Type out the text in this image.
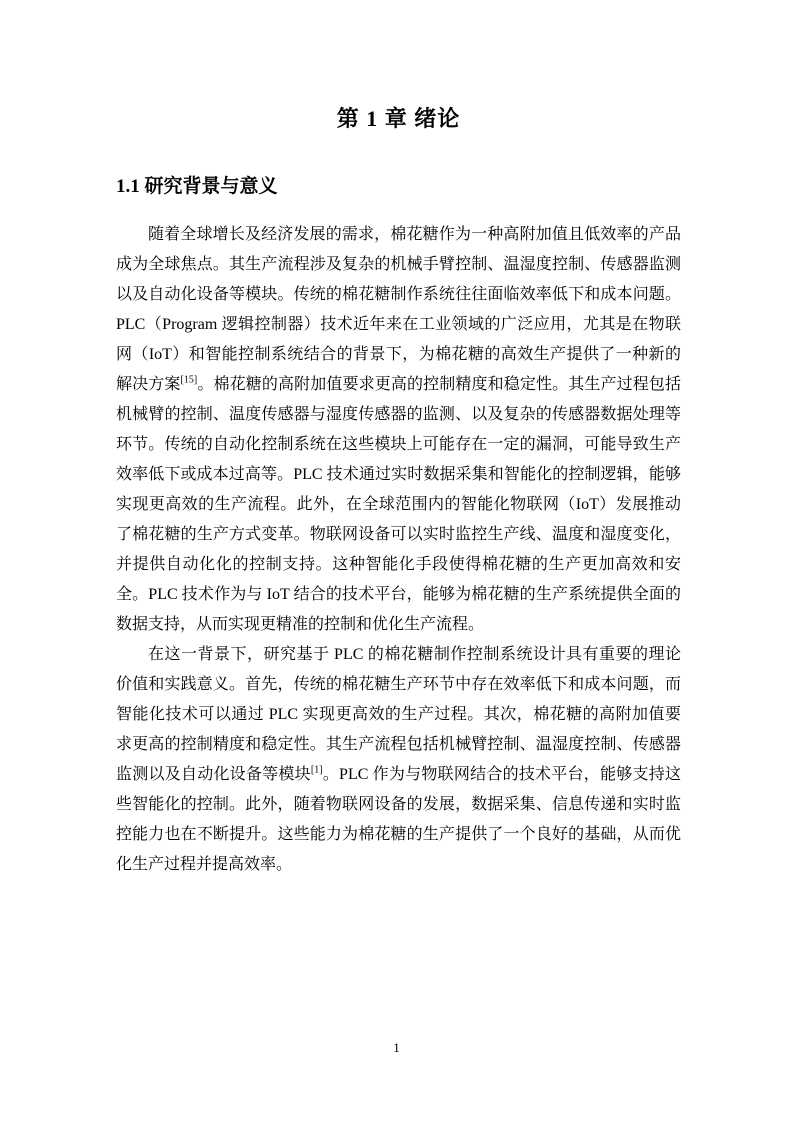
第 1 章 绪论
1.1 研究背景与意义

随着全球增长及经济发展的需求，棉花糖作为一种高附加值且低效率的产品成为全球焦点。其生产流程涉及复杂的机械手臂控制、温湿度控制、传感器监测以及自动化设备等模块。传统的棉花糖制作系统往往面临效率低下和成本问题。PLC（Program 逻辑控制器）技术近年来在工业领域的广泛应用，尤其是在物联网（IoT）和智能控制系统结合的背景下，为棉花糖的高效生产提供了一种新的解决方案[15]。棉花糖的高附加值要求更高的控制精度和稳定性。其生产过程包括机械臂的控制、温度传感器与湿度传感器的监测、以及复杂的传感器数据处理等环节。传统的自动化控制系统在这些模块上可能存在一定的漏洞，可能导致生产效率低下或成本过高等。PLC 技术通过实时数据采集和智能化的控制逻辑，能够实现更高效的生产流程。此外，在全球范围内的智能化物联网（IoT）发展推动了棉花糖的生产方式变革。物联网设备可以实时监控生产线、温度和湿度变化，并提供自动化化的控制支持。这种智能化手段使得棉花糖的生产更加高效和安全。PLC 技术作为与 IoT 结合的技术平台，能够为棉花糖的生产系统提供全面的数据支持，从而实现更精准的控制和优化生产流程。

在这一背景下，研究基于 PLC 的棉花糖制作控制系统设计具有重要的理论价值和实践意义。首先，传统的棉花糖生产环节中存在效率低下和成本问题，而智能化技术可以通过 PLC 实现更高效的生产过程。其次，棉花糖的高附加值要求更高的控制精度和稳定性。其生产流程包括机械臂控制、温湿度控制、传感器监测以及自动化设备等模块[1]。PLC 作为与物联网结合的技术平台，能够支持这些智能化的控制。此外，随着物联网设备的发展，数据采集、信息传递和实时监控能力也在不断提升。这些能力为棉花糖的生产提供了一个良好的基础，从而优化生产过程并提高效率。

1
